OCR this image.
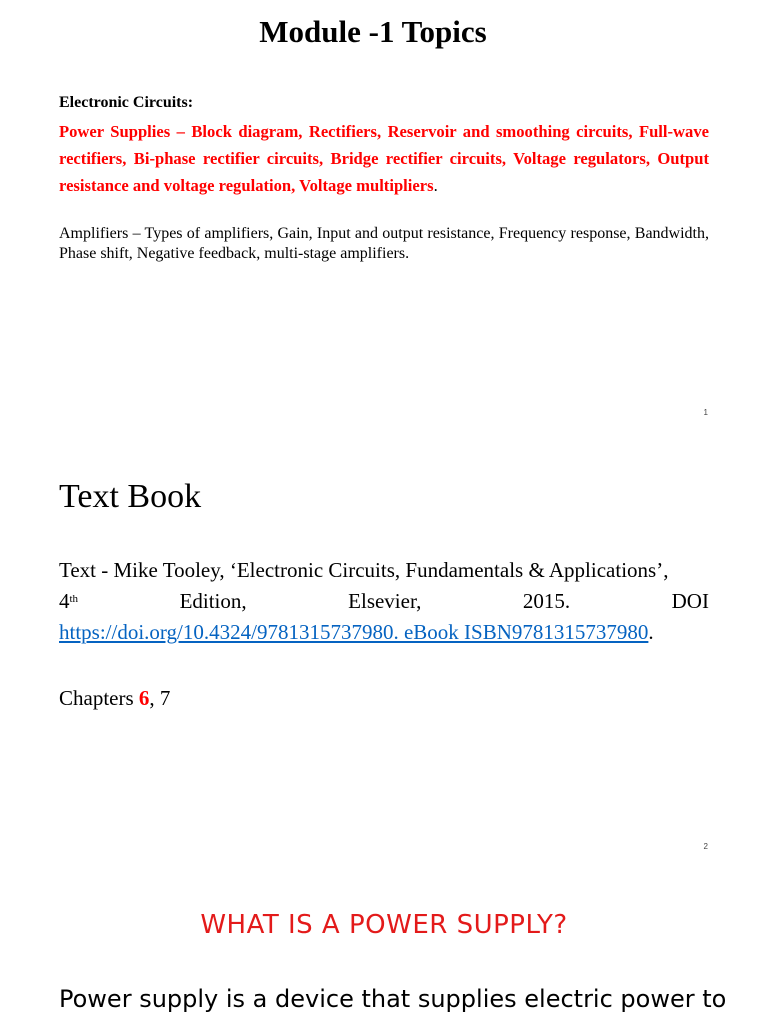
Module -1 Topics
Electronic Circuits:
Power Supplies – Block diagram, Rectifiers, Reservoir and smoothing circuits, Full-wave rectifiers, Bi-phase rectifier circuits, Bridge rectifier circuits, Voltage regulators, Output resistance and voltage regulation, Voltage multipliers.
Amplifiers – Types of amplifiers, Gain, Input and output resistance, Frequency response, Bandwidth, Phase shift, Negative feedback, multi-stage amplifiers.
1
Text Book
Text - Mike Tooley, ‘Electronic Circuits, Fundamentals & Applications’,
4th	Edition,	Elsevier,	2015.	DOI
https://doi.org/10.4324/9781315737980. eBook ISBN9781315737980.
Chapters 6, 7
2
WHAT IS A POWER SUPPLY?
Power supply is a device that supplies electric power to
